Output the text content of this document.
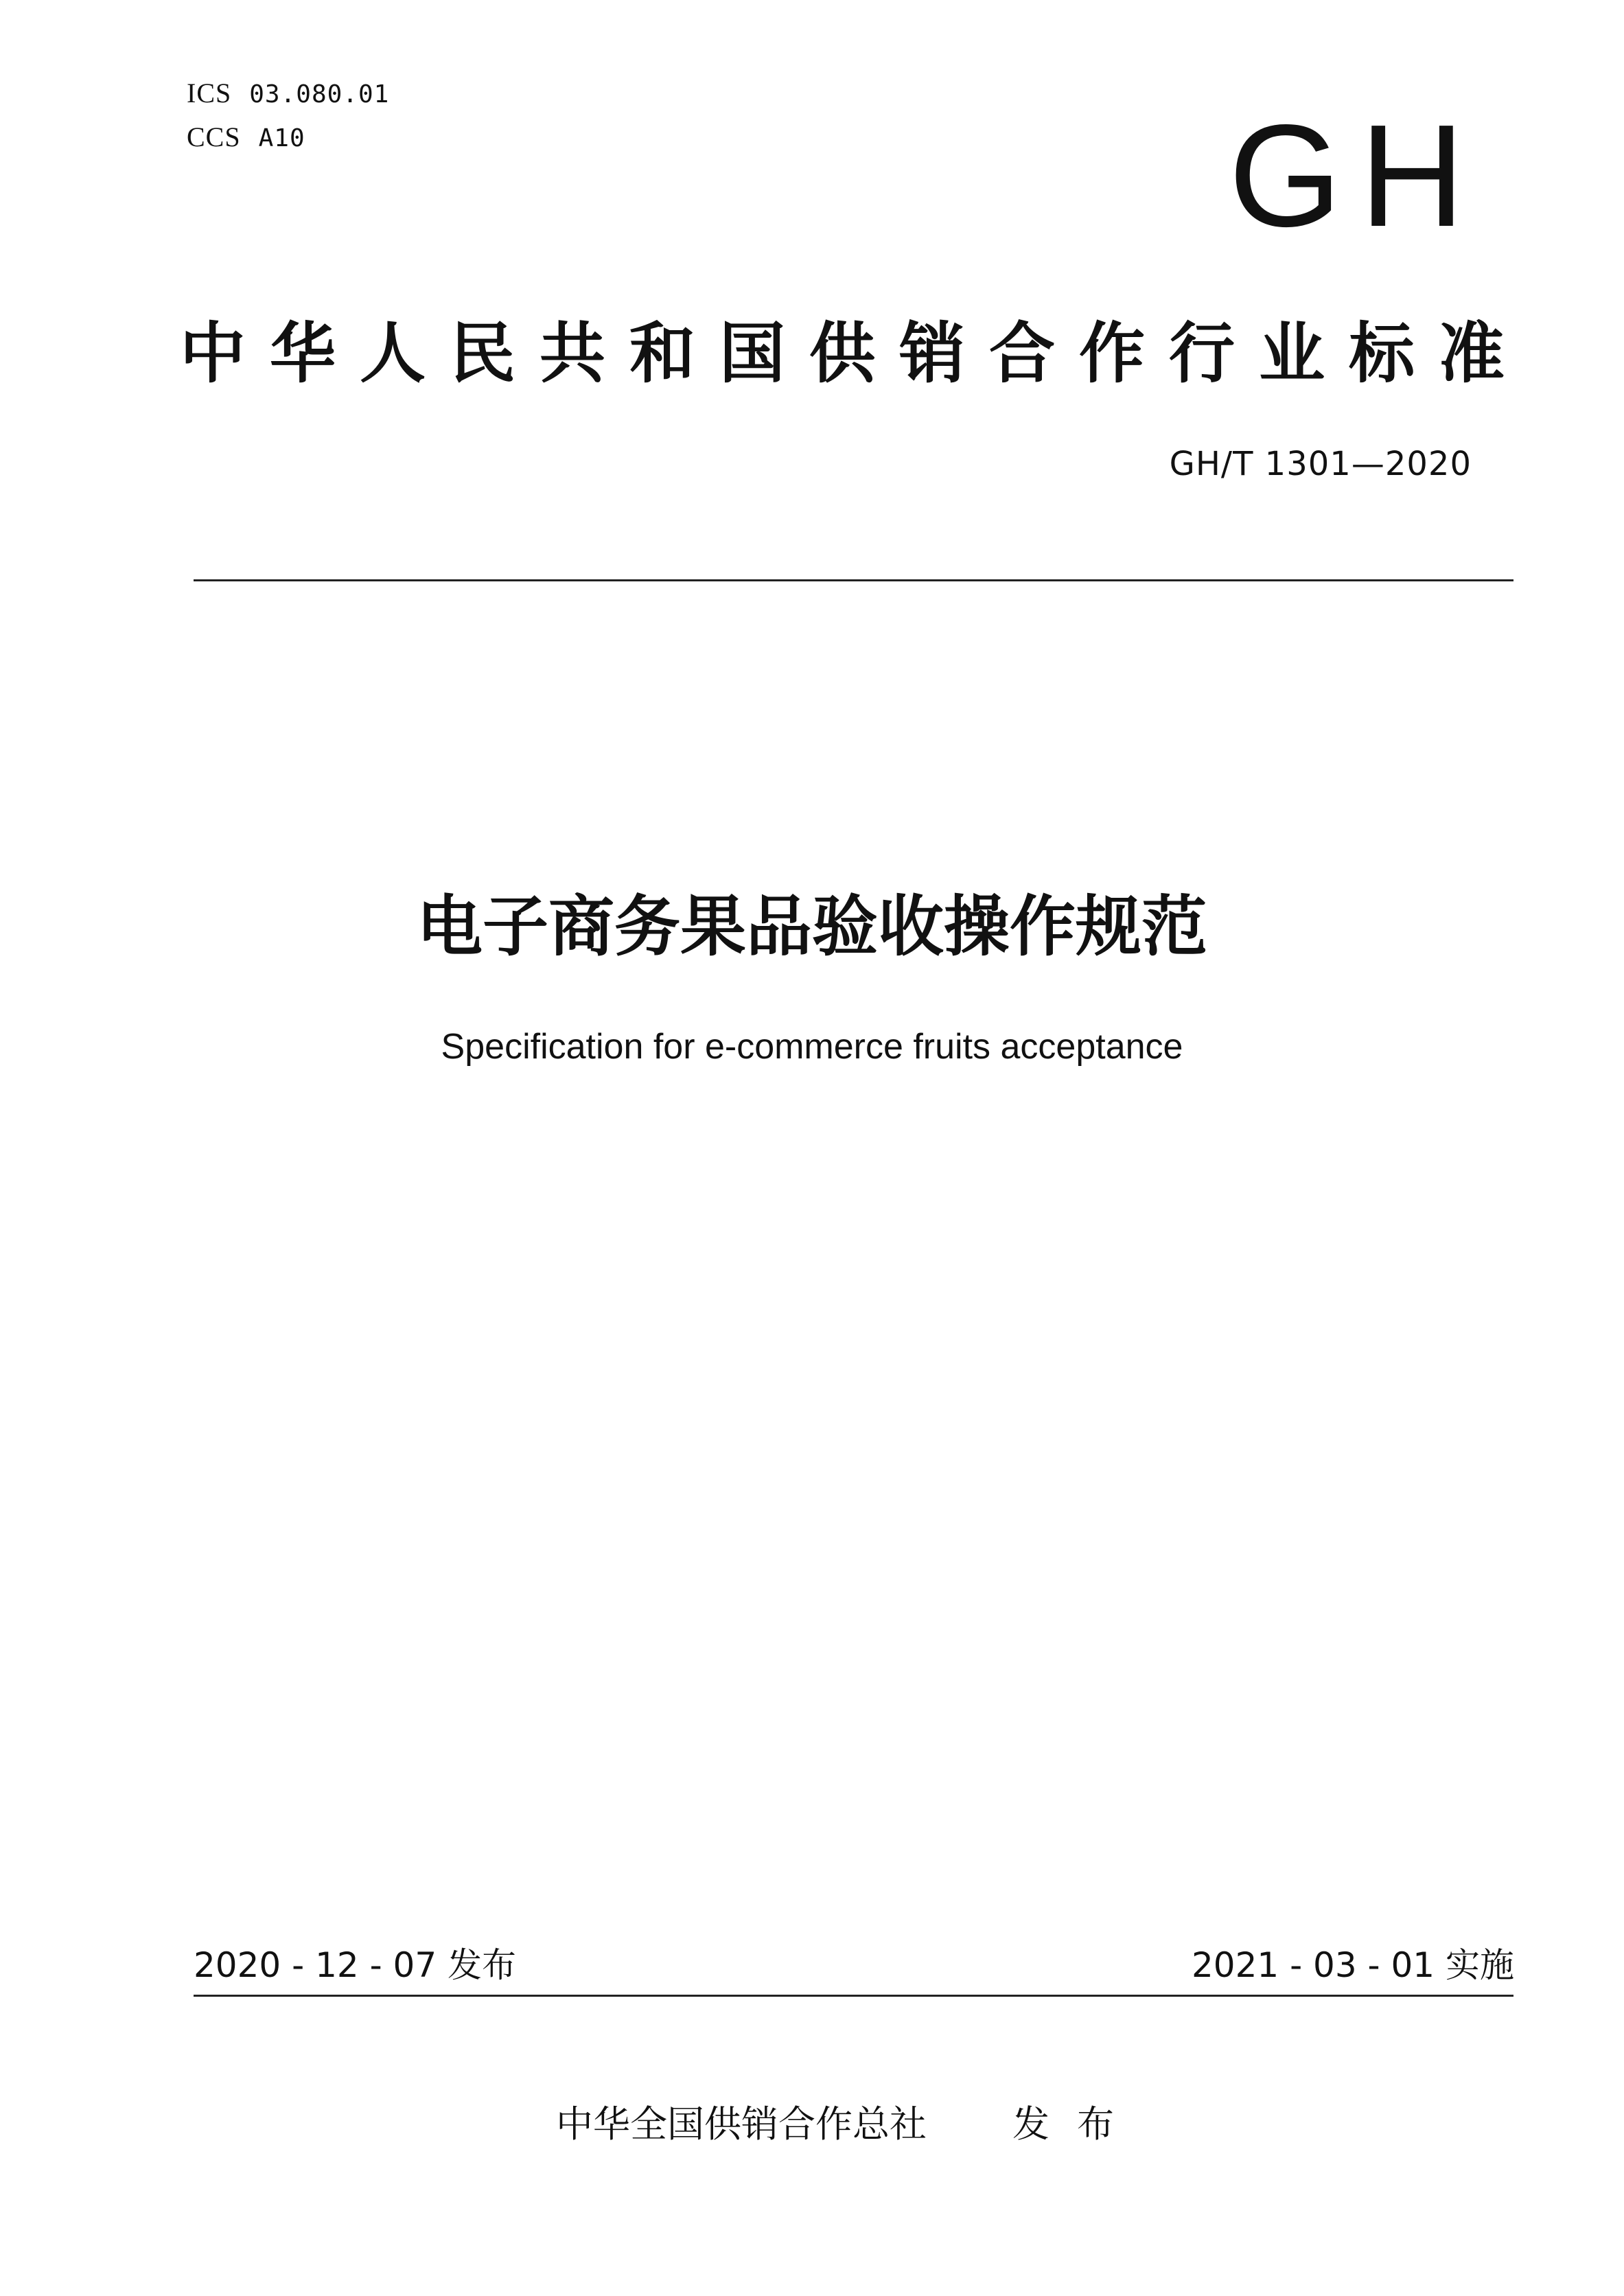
ICS 03.080.01
CCS A10	GH
中华人民共和国供销合作行业标准
GH/T 1301—2020
电子商务果品验收操作规范
Specification for e-commerce fruits acceptance
2020 - 12 - 07 发布	2021 - 03 - 01 实施
中华全国供销合作总社 发布
